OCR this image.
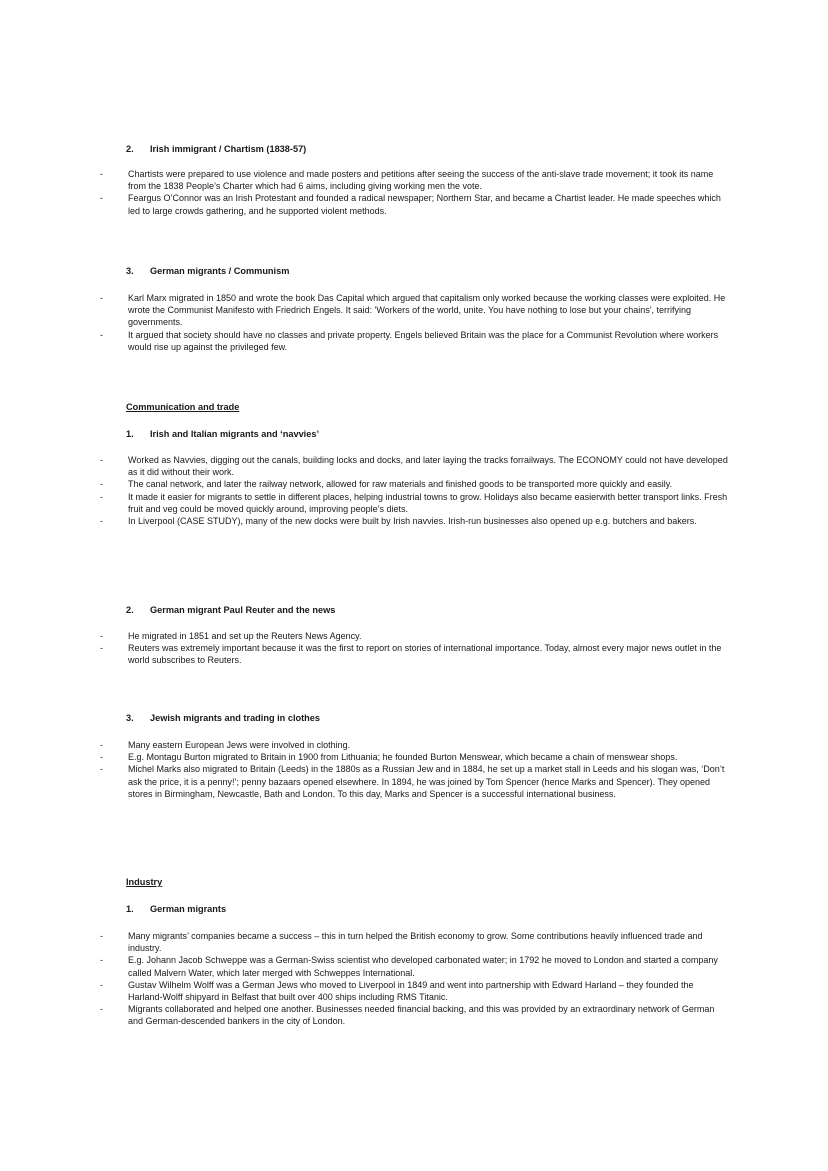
2. Irish immigrant / Chartism (1838-57)
-	Chartists were prepared to use violence and made posters and petitions after seeing the success of the anti-slave trade movement; it took its name from the 1838 People’s Charter which had 6 aims, including giving working men the vote.
-	Feargus O’Connor was an Irish Protestant and founded a radical newspaper; Northern Star, and became a Chartist leader. He made speeches which led to large crowds gathering, and he supported violent methods.
3. German migrants / Communism
-	Karl Marx migrated in 1850 and wrote the book Das Capital which argued that capitalism only worked because the working classes were exploited. He wrote the Communist Manifesto with Friedrich Engels. It said: 'Workers of the world, unite. You have nothing to lose but your chains', terrifying governments.
-	It argued that society should have no classes and private property. Engels believed Britain was the place for a Communist Revolution where workers would rise up against the privileged few.
Communication and trade
1. Irish and Italian migrants and ‘navvies’
-	Worked as Navvies, digging out the canals, building locks and docks, and later laying the tracks forrailways. The ECONOMY could not have developed as it did without their work.
-	The canal network, and later the railway network, allowed for raw materials and finished goods to be transported more quickly and easily.
-	It made it easier for migrants to settle in different places, helping industrial towns to grow. Holidays also became easierwith better transport links. Fresh fruit and veg could be moved quickly around, improving people’s diets.
-	In Liverpool (CASE STUDY), many of the new docks were built by Irish navvies. Irish-run businesses also opened up e.g. butchers and bakers.
2. German migrant Paul Reuter and the news
-	He migrated in 1851 and set up the Reuters News Agency.
-	Reuters was extremely important because it was the first to report on stories of international importance. Today, almost every major news outlet in the world subscribes to Reuters.
3. Jewish migrants and trading in clothes
-	Many eastern European Jews were involved in clothing.
-	E.g. Montagu Burton migrated to Britain in 1900 from Lithuania; he founded Burton Menswear, which became a chain of menswear shops.
-	Michel Marks also migrated to Britain (Leeds) in the 1880s as a Russian Jew and in 1884, he set up a market stall in Leeds and his slogan was, ‘Don’t ask the price, it is a penny!’; penny bazaars opened elsewhere. In 1894, he was joined by Tom Spencer (hence Marks and Spencer). They opened stores in Birmingham, Newcastle, Bath and London. To this day, Marks and Spencer is a successful international business.
Industry
1. German migrants
-	Many migrants’ companies became a success – this in turn helped the British economy to grow. Some contributions heavily influenced trade and industry.
-	E.g. Johann Jacob Schweppe was a German-Swiss scientist who developed carbonated water; in 1792 he moved to London and started a company called Malvern Water, which later merged with Schweppes International.
-	Gustav Wilhelm Wolff was a German Jews who moved to Liverpool in 1849 and went into partnership with Edward Harland – they founded the Harland-Wolff shipyard in Belfast that built over 400 ships including RMS Titanic.
-	Migrants collaborated and helped one another. Businesses needed financial backing, and this was provided by an extraordinary network of German and German-descended bankers in the city of London.
